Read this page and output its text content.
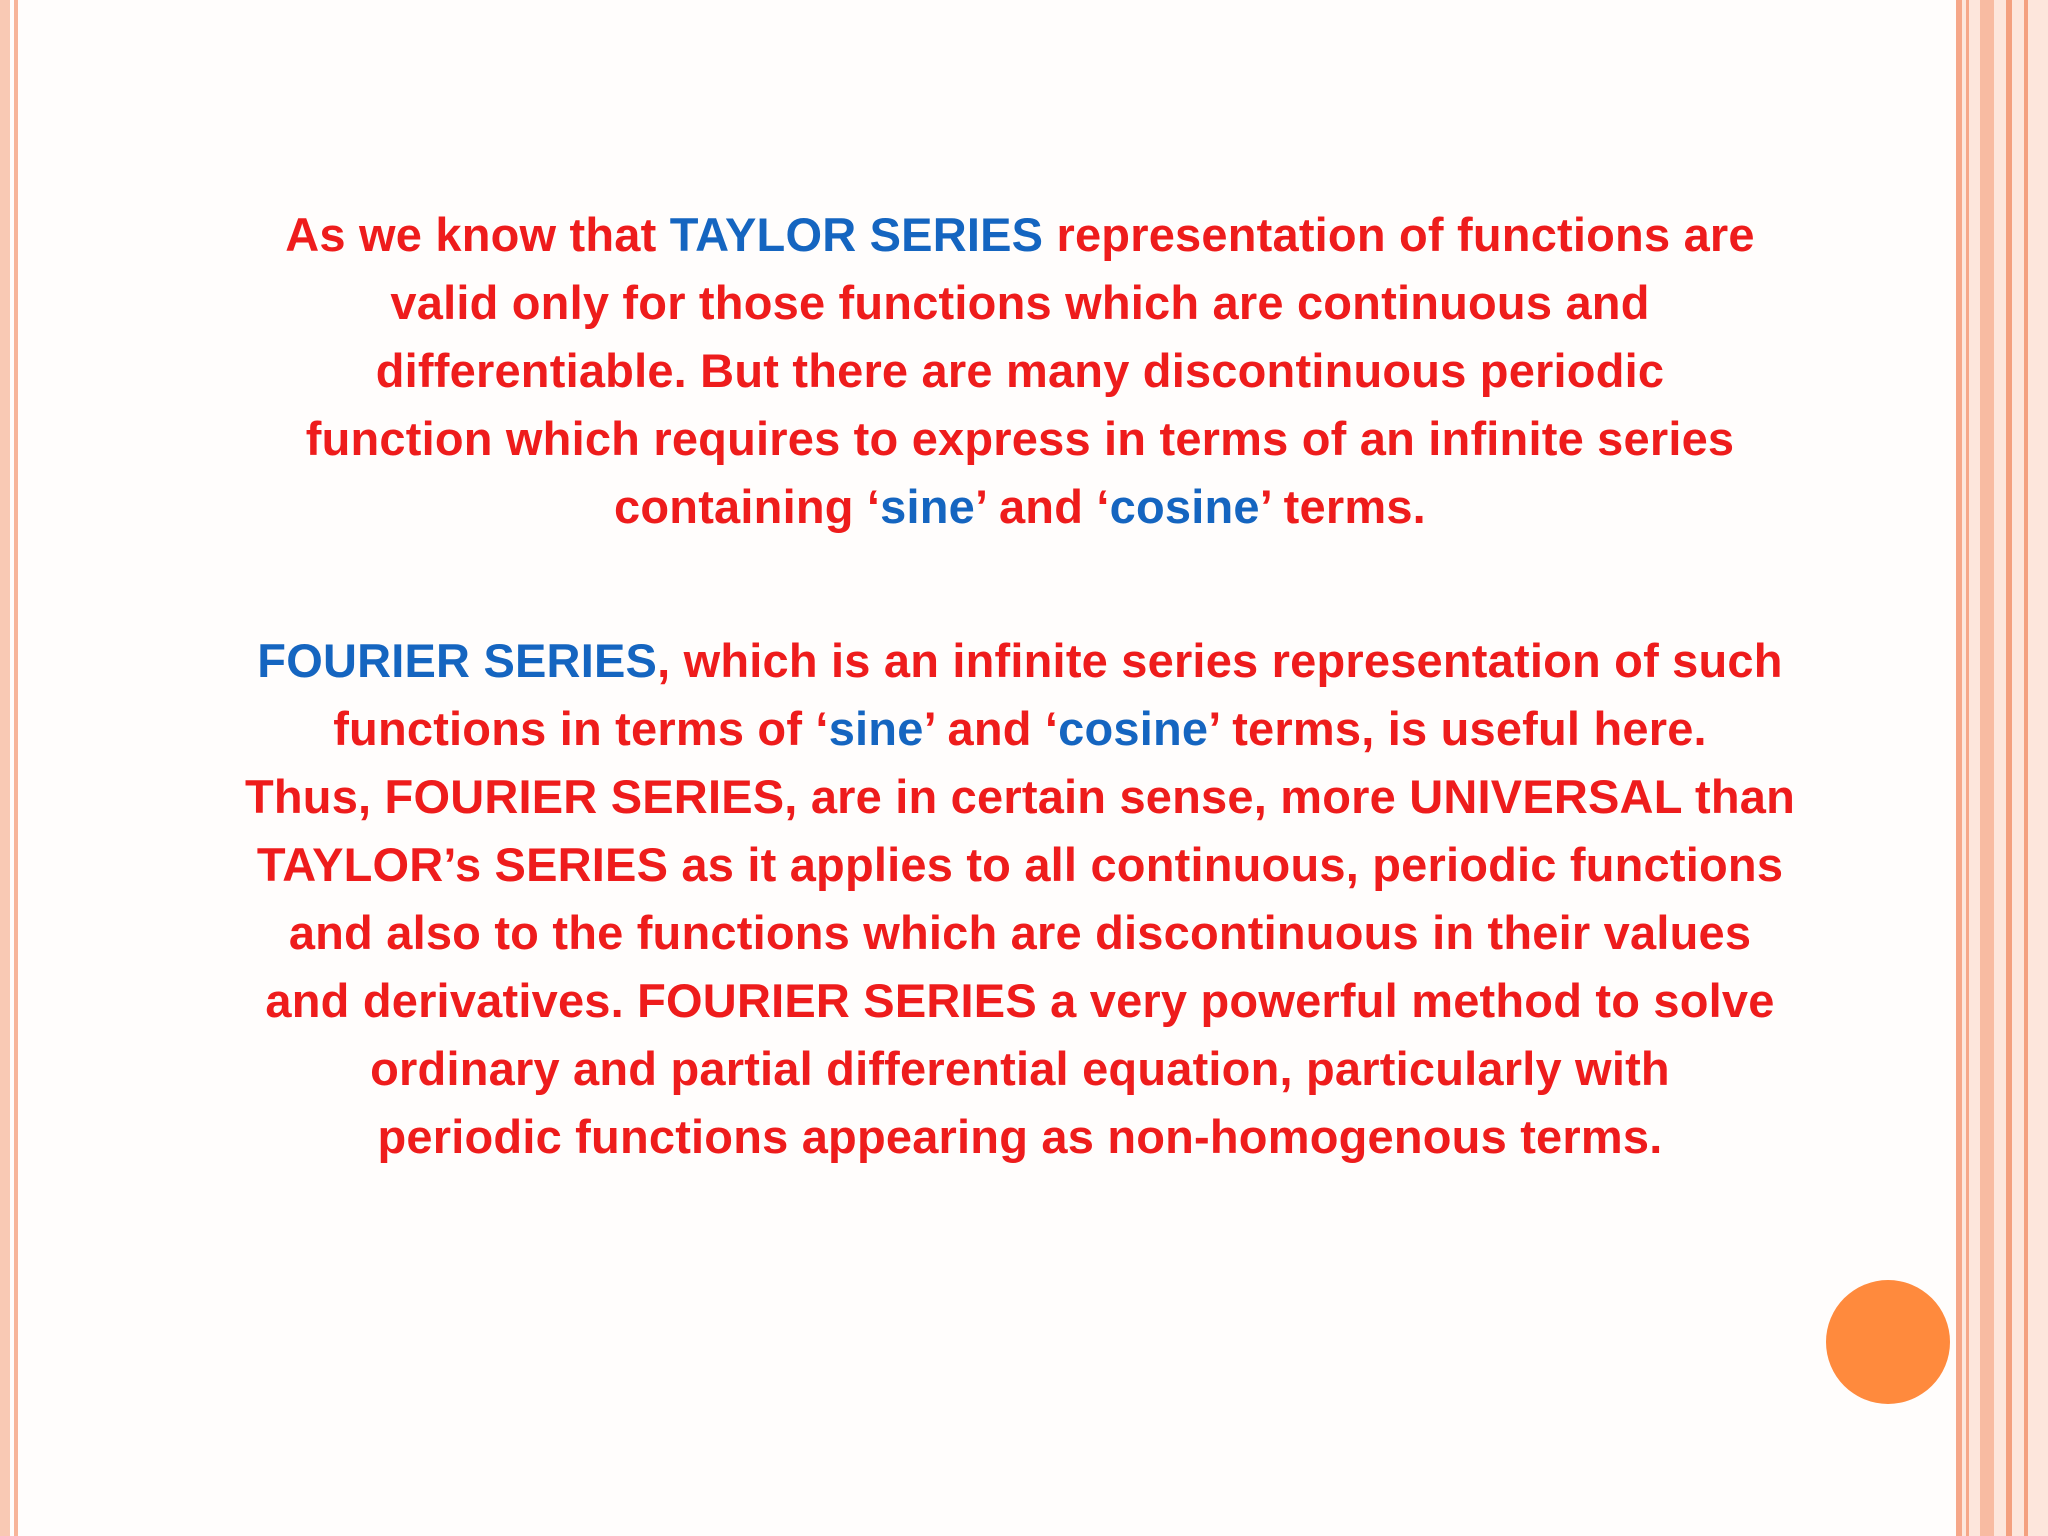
As we know that TAYLOR SERIES representation of functions are
valid only for those functions which are continuous and
differentiable. But there are many discontinuous periodic
function which requires to express in terms of an infinite series
containing ‘sine’ and ‘cosine’ terms.
FOURIER SERIES, which is an infinite series representation of such
functions in terms of ‘sine’ and ‘cosine’ terms, is useful here.
Thus, FOURIER SERIES, are in certain sense, more UNIVERSAL than
TAYLOR’s SERIES as it applies to all continuous, periodic functions
and also to the functions which are discontinuous in their values
and derivatives. FOURIER SERIES a very powerful method to solve
ordinary and partial differential equation, particularly with
periodic functions appearing as non-homogenous terms.
